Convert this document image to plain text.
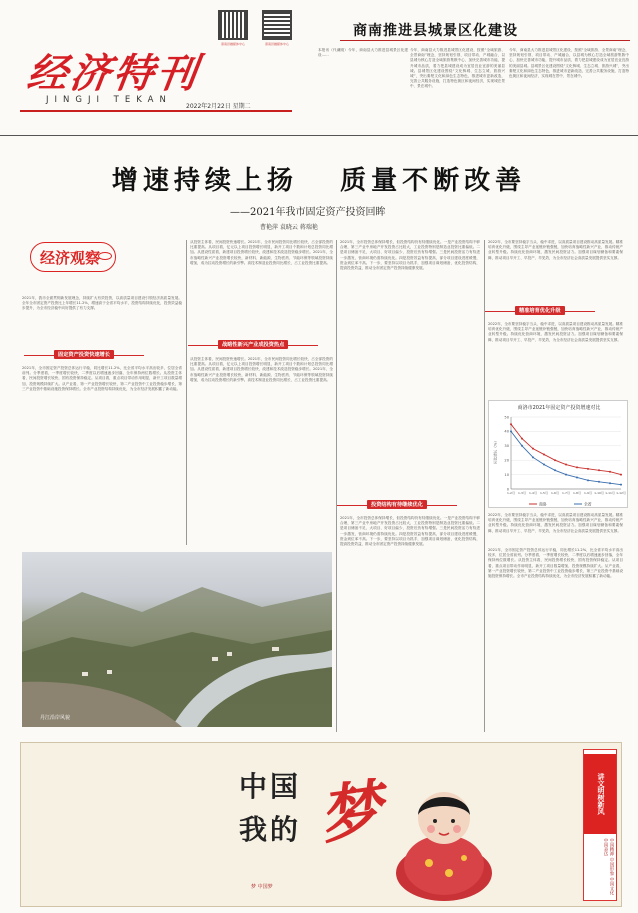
经济特刊
JINGJI TEKAN
2022年2月22日 星期二
商南县融媒体中心	商南县融媒体中心
商南推进县城景区化建设
本报讯（代谦刚）今年，商南县大力推进县城景区化建设……
今年，商南县大力推进县城景区化建设，按照“全域旅游、全景商南”理念，坚持规划引领、项目带动、产城融合，以县城为核心打造全域旅游集散中心，加快完善城市功能，提升城市品质，着力把县城建设成为宜居宜业宜游的美丽县城。县城景区化建设围绕“文化铸城、生态立城、旅游兴城”，突出秦楚文化和绿色生态特色，推进城市更新改造，完善公共服务设施，打造特色街区和夜间经济，实现城在景中、景在城中。
今年，商南县大力推进县城景区化建设，按照“全域旅游、全景商南”理念，坚持规划引领、项目带动、产城融合，以县城为核心打造全域旅游集散中心，加快完善城市功能，提升城市品质，着力把县城建设成为宜居宜业宜游的美丽县城。县城景区化建设围绕“文化铸城、生态立城、旅游兴城”，突出秦楚文化和绿色生态特色，推进城市更新改造，完善公共服务设施，打造特色街区和夜间经济，实现城在景中、景在城中。
增速持续上扬   质量不断改善
——2021年我市固定资产投资回眸
曹艳萍 袁晓云 蒋瑞艳
经济观察
2021年，我市全面贯彻新发展理念，持续扩大有效投资，以高质量项目建设引领经济高质量发展。全年全市固定资产投资比上年增长11.2%，增速高于全省平均水平，投资结构持续优化，投资效益稳步提升，为全市经济稳中向好提供了有力支撑。
固定资产投资快速增长
2021年，全市固定资产投资总体运行平稳，同比增长11.2%，比全省平均水平高出较多，位居全省前列。分季度看，一季度增长较快，二季度以后增速逐步回落，全年保持两位数增长。从投资主体看，民间投资增长较快，国有投资保持稳定。从项目看，重点项目带动作用明显，新开工项目数量增加，投资规模持续扩大。从产业看，第一产业投资增长较快，第二产业投资中工业投资稳步增长，第三产业投资中基础设施投资保持增长。全市产业投资结构持续优化，为全市经济发展积蓄了新动能。
从投资主体看，民间投资快速增长。2021年，全市民间投资同比增长较快，占全部投资的比重提高。从项目看，亿元以上项目投资增长明显，新开工项目个数和计划总投资同比增加。从建设性质看，新建项目投资增长较快，改建和技术改造投资稳步增长。2021年，全市战略性新兴产业投资增长较快，新材料、新能源、生物医药、节能环保等领域投资持续增加，成为拉动投资增长的新引擎。高技术制造业投资同比增长，占工业投资比重提高。
战略性新兴产业成投资热点
从投资主体看，民间投资快速增长。2021年，全市民间投资同比增长较快，占全部投资的比重提高。从项目看，亿元以上项目投资增长明显，新开工项目个数和计划总投资同比增加。从建设性质看，新建项目投资增长较快，改建和技术改造投资稳步增长。2021年，全市战略性新兴产业投资增长较快，新材料、新能源、生物医药、节能环保等领域投资持续增加，成为拉动投资增长的新引擎。高技术制造业投资同比增长，占工业投资比重提高。
2021年，全市投资总体保持增长，但投资结构仍有待继续优化。一是产业投资结构不够合理，第三产业中房地产开发投资占比较大，工业投资特别是制造业投资比重偏低。二是项目储备不足，大项目、好项目偏少，投资后劲有待增强。三是民间投资活力有待进一步激发，营商环境仍需持续优化。四是投资效益有待提高，部分项目建设进度缓慢，资金到位率不高。下一步，要坚持以项目为抓手，加强项目谋划储备，优化投资结构，提高投资效益，推动全市固定资产投资持续健康发展。
投资结构有待继续优化
2022年，全市要坚持稳字当头、稳中求进，以高质量项目建设推动高质量发展。精准培育优化升级，围绕主导产业延链补链强链，加快培育战略性新兴产业，推动传统产业转型升级。持续优化营商环境，激发民间投资活力。加强项目谋划储备和要素保障，推动项目早开工、早投产、早见效，为全市经济社会高质量发展提供坚实支撑。
精准培育优化升级
2022年，全市要坚持稳字当头、稳中求进，以高质量项目建设推动高质量发展。精准培育优化升级，围绕主导产业延链补链强链，加快培育战略性新兴产业，推动传统产业转型升级。持续优化营商环境，激发民间投资活力。加强项目谋划储备和要素保障，推动项目早开工、早投产、早见效，为全市经济社会高质量发展提供坚实支撑。
商洛市2021年固定资产投资增速对比
同比增长（%）
0
10
20
30
40
50
1-2月 1-3月 1-4月 1-5月 1-6月 1-7月 1-8月 1-9月 1-10月 1-11月 1-12月
商洛	全省
2022年，全市要坚持稳字当头、稳中求进，以高质量项目建设推动高质量发展。精准培育优化升级，围绕主导产业延链补链强链，加快培育战略性新兴产业，推动传统产业转型升级。持续优化营商环境，激发民间投资活力。加强项目谋划储备和要素保障，推动项目早开工、早投产、早见效，为全市经济社会高质量发展提供坚实支撑。
丹江沿岸风貌
2021年，全市投资总体保持增长，但投资结构仍有待继续优化。一是产业投资结构不够合理，第三产业中房地产开发投资占比较大，工业投资特别是制造业投资比重偏低。二是项目储备不足，大项目、好项目偏少，投资后劲有待增强。三是民间投资活力有待进一步激发，营商环境仍需持续优化。四是投资效益有待提高，部分项目建设进度缓慢，资金到位率不高。下一步，要坚持以项目为抓手，加强项目谋划储备，优化投资结构，提高投资效益，推动全市固定资产投资持续健康发展。
2021年，全市固定资产投资总体运行平稳，同比增长11.2%，比全省平均水平高出较多，位居全省前列。分季度看，一季度增长较快，二季度以后增速逐步回落，全年保持两位数增长。从投资主体看，民间投资增长较快，国有投资保持稳定。从项目看，重点项目带动作用明显，新开工项目数量增加，投资规模持续扩大。从产业看，第一产业投资增长较快，第二产业投资中工业投资稳步增长，第三产业投资中基础设施投资保持增长。全市产业投资结构持续优化，为全市经济发展积蓄了新动能。
中国
我的 梦
梦 中国梦
讲文明树新风
中国精神 中国形象 中国文化 中国表达
